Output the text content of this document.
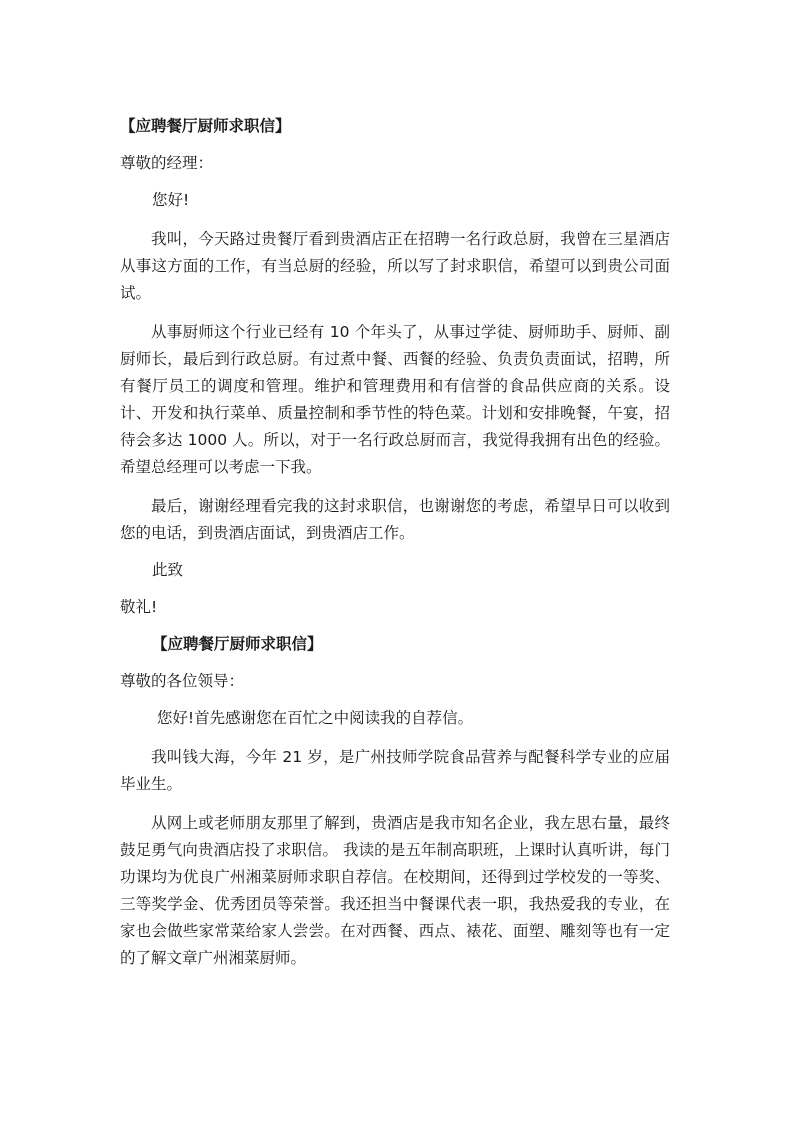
【应聘餐厅厨师求职信】

尊敬的经理：

您好!

我叫，今天路过贵餐厅看到贵酒店正在招聘一名行政总厨，我曾在三星酒店从事这方面的工作，有当总厨的经验，所以写了封求职信，希望可以到贵公司面试。

从事厨师这个行业已经有 10 个年头了，从事过学徒、厨师助手、厨师、副厨师长，最后到行政总厨。有过煮中餐、西餐的经验、负责负责面试，招聘，所有餐厅员工的调度和管理。维护和管理费用和有信誉的食品供应商的关系。设计、开发和执行菜单、质量控制和季节性的特色菜。计划和安排晚餐，午宴，招待会多达 1000 人。所以，对于一名行政总厨而言，我觉得我拥有出色的经验。希望总经理可以考虑一下我。

最后，谢谢经理看完我的这封求职信，也谢谢您的考虑，希望早日可以收到您的电话，到贵酒店面试，到贵酒店工作。

此致

敬礼!

【应聘餐厅厨师求职信】

尊敬的各位领导：

您好!首先感谢您在百忙之中阅读我的自荐信。

我叫钱大海，今年 21 岁，是广州技师学院食品营养与配餐科学专业的应届毕业生。

从网上或老师朋友那里了解到，贵酒店是我市知名企业，我左思右量，最终鼓足勇气向贵酒店投了求职信。 我读的是五年制高职班，上课时认真听讲，每门功课均为优良广州湘菜厨师求职自荐信。在校期间，还得到过学校发的一等奖、三等奖学金、优秀团员等荣誉。我还担当中餐课代表一职，我热爱我的专业，在家也会做些家常菜给家人尝尝。在对西餐、西点、裱花、面塑、雕刻等也有一定的了解文章广州湘菜厨师。
